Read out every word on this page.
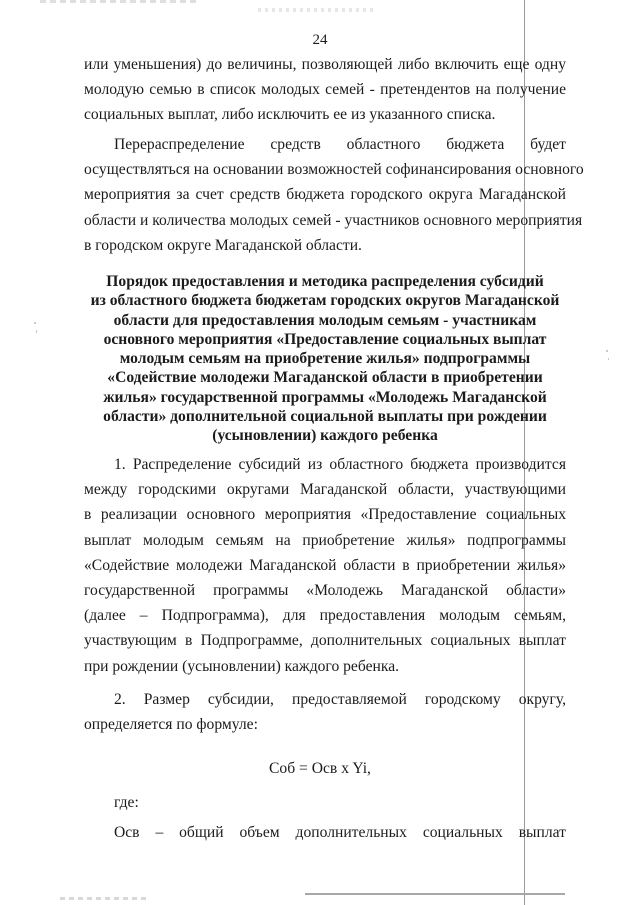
24
или уменьшения) до величины, позволяющей либо включить еще одну
молодую семью в список молодых семей - претендентов на получение
социальных выплат, либо исключить ее из указанного списка.
Перераспределение средств областного бюджета будет
осуществляться на основании возможностей софинансирования основного
мероприятия за счет средств бюджета городского округа Магаданской
области и количества молодых семей - участников основного мероприятия
в городском округе Магаданской области.
Порядок предоставления и методика распределения субсидий
из областного бюджета бюджетам городских округов Магаданской
области для предоставления молодым семьям - участникам
основного мероприятия «Предоставление социальных выплат
молодым семьям на приобретение жилья» подпрограммы
«Содействие молодежи Магаданской области в приобретении
жилья» государственной программы «Молодежь Магаданской
области» дополнительной социальной выплаты при рождении
(усыновлении) каждого ребенка
1. Распределение субсидий из областного бюджета производится
между городскими округами Магаданской области, участвующими
в реализации основного мероприятия «Предоставление социальных
выплат молодым семьям на приобретение жилья» подпрограммы
«Содействие молодежи Магаданской области в приобретении жилья»
государственной программы «Молодежь Магаданской области»
(далее – Подпрограмма), для предоставления молодым семьям,
участвующим в Подпрограмме, дополнительных социальных выплат
при рождении (усыновлении) каждого ребенка.
2. Размер субсидии, предоставляемой городскому округу,
определяется по формуле:
Соб = Осв x Yi,
где:
Осв – общий объем дополнительных социальных выплат
